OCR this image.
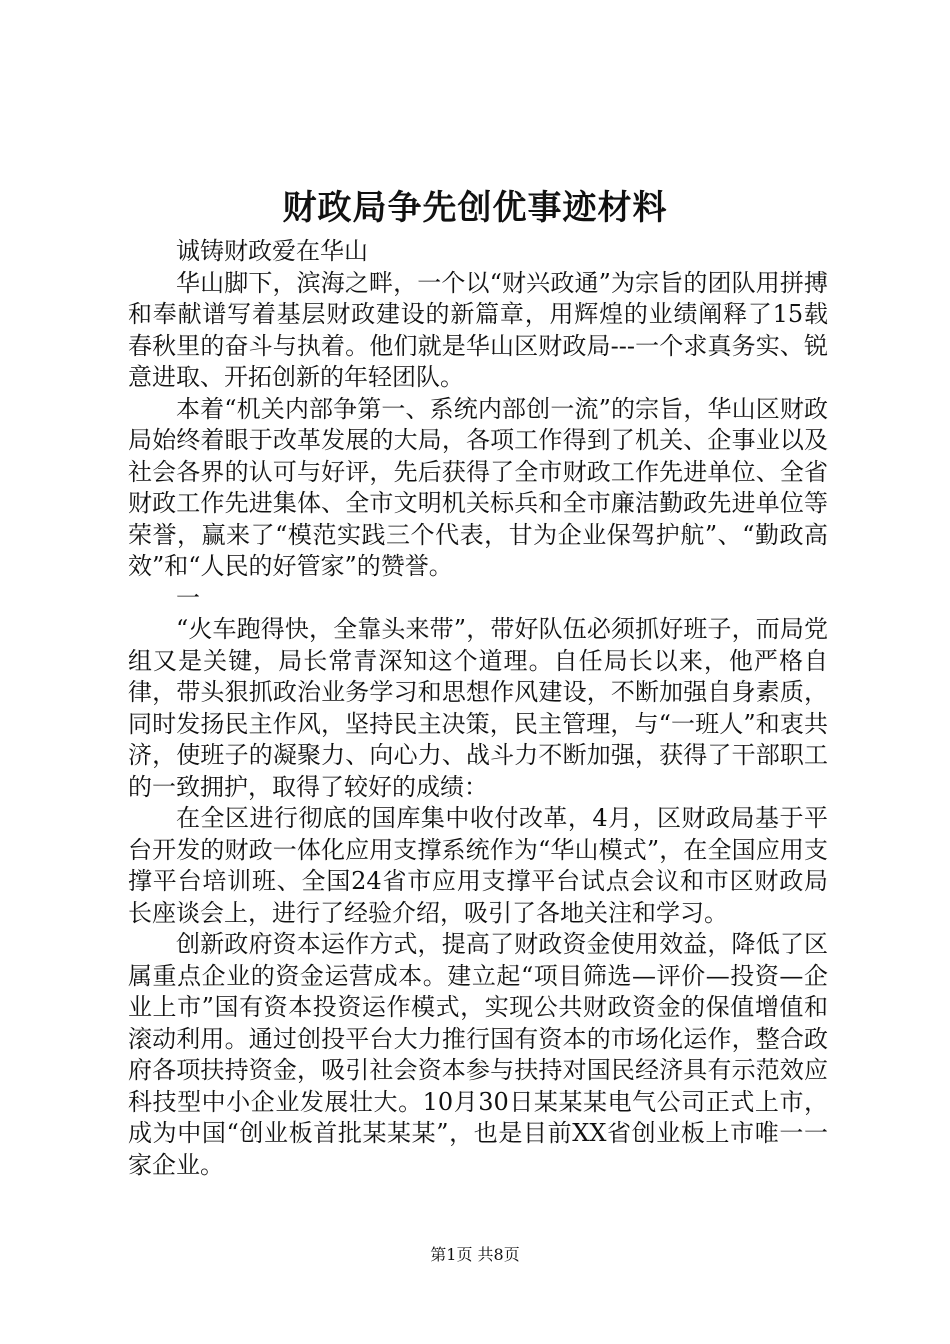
财政局争先创优事迹材料

诚铸财政爱在华山

华山脚下，滨海之畔，一个以“财兴政通”为宗旨的团队用拼搏和奉献谱写着基层财政建设的新篇章，用辉煌的业绩阐释了15载春秋里的奋斗与执着。他们就是华山区财政局---一个求真务实、锐意进取、开拓创新的年轻团队。

本着“机关内部争第一、系统内部创一流”的宗旨，华山区财政局始终着眼于改革发展的大局，各项工作得到了机关、企事业以及社会各界的认可与好评，先后获得了全市财政工作先进单位、全省财政工作先进集体、全市文明机关标兵和全市廉洁勤政先进单位等荣誉，赢来了“模范实践三个代表，甘为企业保驾护航”、“勤政高效”和“人民的好管家”的赞誉。

一

“火车跑得快，全靠头来带”，带好队伍必须抓好班子，而局党组又是关键，局长常青深知这个道理。自任局长以来，他严格自律，带头狠抓政治业务学习和思想作风建设，不断加强自身素质，同时发扬民主作风，坚持民主决策，民主管理，与“一班人”和衷共济，使班子的凝聚力、向心力、战斗力不断加强，获得了干部职工的一致拥护，取得了较好的成绩：

在全区进行彻底的国库集中收付改革，4月，区财政局基于平台开发的财政一体化应用支撑系统作为“华山模式”，在全国应用支撑平台培训班、全国24省市应用支撑平台试点会议和市区财政局长座谈会上，进行了经验介绍，吸引了各地关注和学习。

创新政府资本运作方式，提高了财政资金使用效益，降低了区属重点企业的资金运营成本。建立起“项目筛选—评价—投资—企业上市”国有资本投资运作模式，实现公共财政资金的保值增值和滚动利用。通过创投平台大力推行国有资本的市场化运作，整合政府各项扶持资金，吸引社会资本参与扶持对国民经济具有示范效应科技型中小企业发展壮大。10月30日某某某电气公司正式上市，成为中国“创业板首批某某某”，也是目前XX省创业板上市唯一一家企业。

第1页 共8页
